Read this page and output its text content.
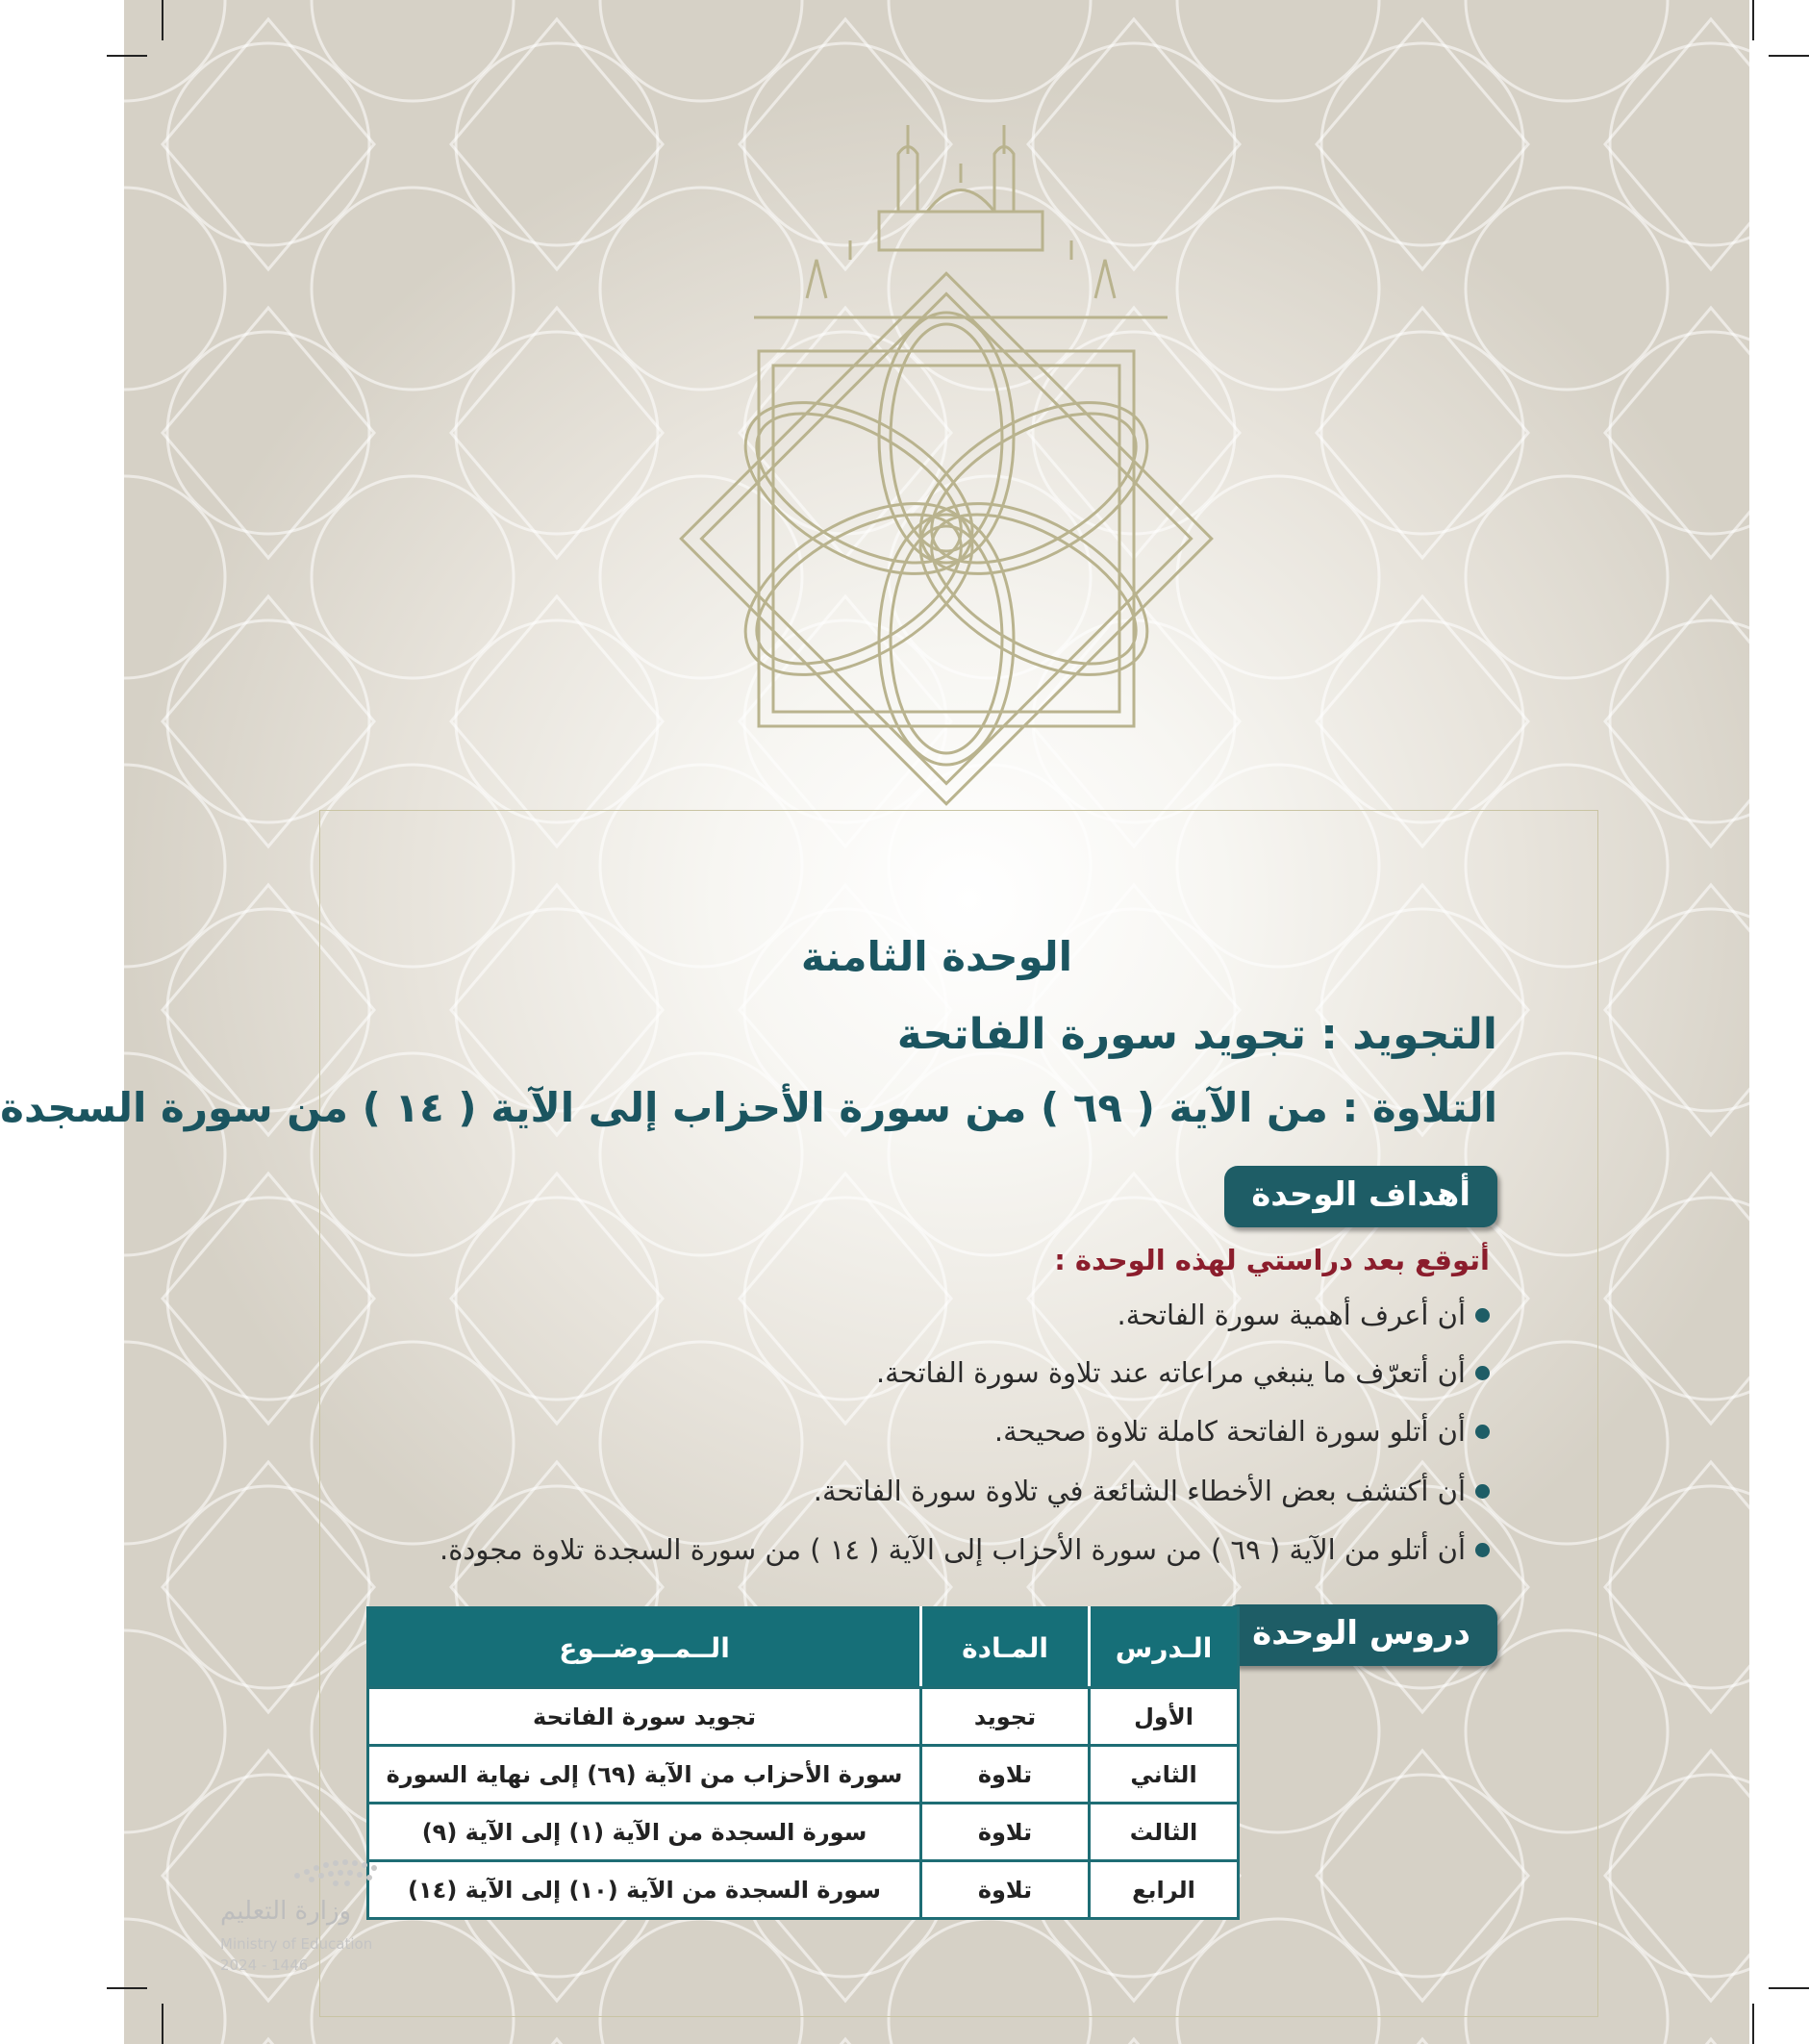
الوحدة الثامنة
التجويد : تجويد سورة الفاتحة
التلاوة : من الآية ( ٦٩ ) من سورة الأحزاب إلى الآية ( ١٤ ) من سورة السجدة
أهداف الوحدة
أتوقع بعد دراستي لهذه الوحدة :
أن أعرف أهمية سورة الفاتحة.
أن أتعرّف ما ينبغي مراعاته عند تلاوة سورة الفاتحة.
أن أتلو سورة الفاتحة كاملة تلاوة صحيحة.
أن أكتشف بعض الأخطاء الشائعة في تلاوة سورة الفاتحة.
أن أتلو من الآية ( ٦٩ ) من سورة الأحزاب إلى الآية ( ١٤ ) من سورة السجدة تلاوة مجودة.
دروس الوحدة
الـدرس	المـادة	الــمــوضــوع
الأول	تجويد	تجويد سورة الفاتحة
الثاني	تلاوة	سورة الأحزاب من الآية (٦٩) إلى نهاية السورة
الثالث	تلاوة	سورة السجدة من الآية (١) إلى الآية (٩)
الرابع	تلاوة	سورة السجدة من الآية (١٠) إلى الآية (١٤)
وزارة التعليم
Ministry of Education
2024 - 1446
